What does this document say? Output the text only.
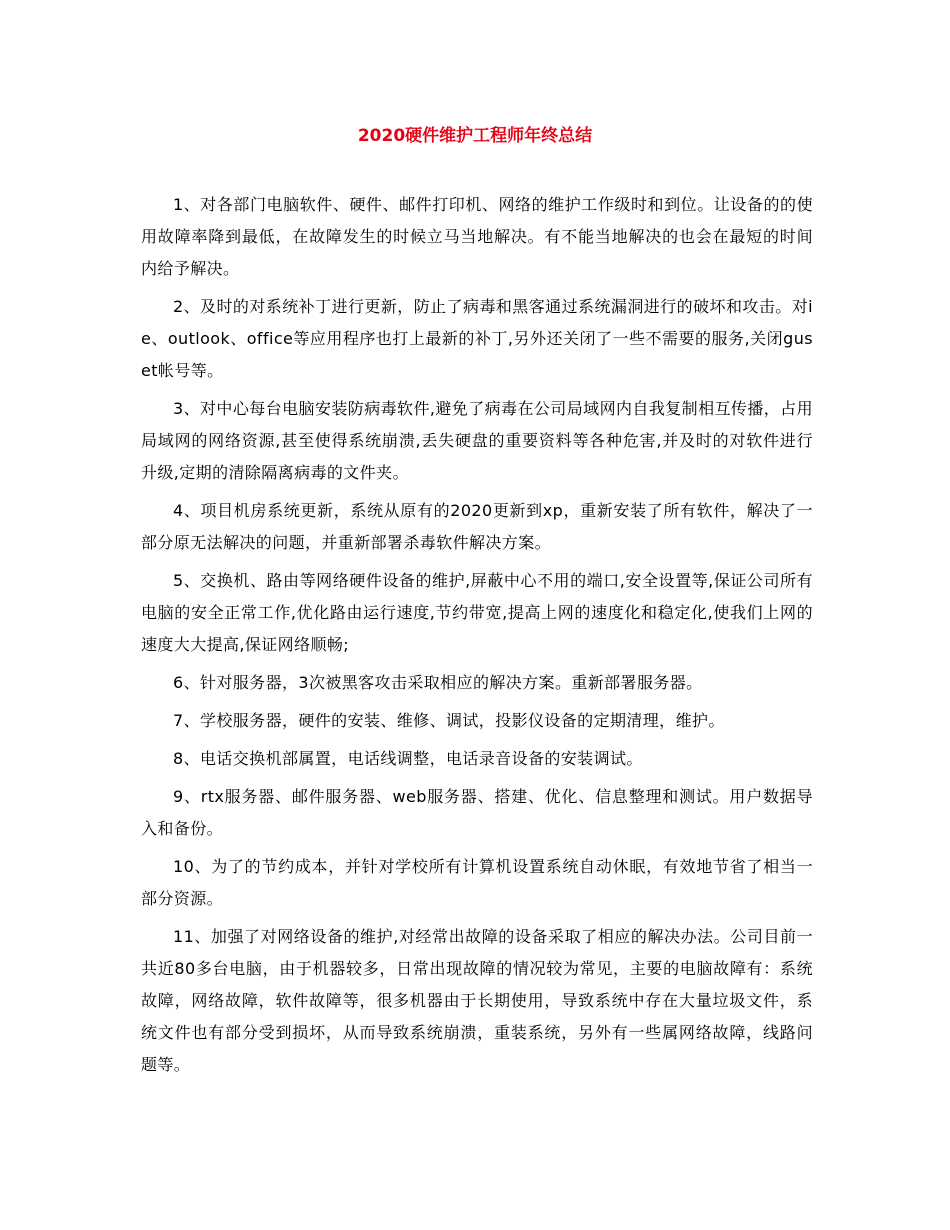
2020硬件维护工程师年终总结

1、对各部门电脑软件、硬件、邮件打印机、网络的维护工作级时和到位。让设备的的使用故障率降到最低，在故障发生的时候立马当地解决。有不能当地解决的也会在最短的时间内给予解决。

2、及时的对系统补丁进行更新，防止了病毒和黑客通过系统漏洞进行的破坏和攻击。对ie、outlook、office等应用程序也打上最新的补丁,另外还关闭了一些不需要的服务,关闭guset帐号等。

3、对中心每台电脑安装防病毒软件,避免了病毒在公司局域网内自我复制相互传播，占用局域网的网络资源,甚至使得系统崩溃,丢失硬盘的重要资料等各种危害,并及时的对软件进行升级,定期的清除隔离病毒的文件夹。

4、项目机房系统更新，系统从原有的2020更新到xp，重新安装了所有软件，解决了一部分原无法解决的问题，并重新部署杀毒软件解决方案。

5、交换机、路由等网络硬件设备的维护,屏蔽中心不用的端口,安全设置等,保证公司所有电脑的安全正常工作,优化路由运行速度,节约带宽,提高上网的速度化和稳定化,使我们上网的速度大大提高,保证网络顺畅;

6、针对服务器，3次被黑客攻击采取相应的解决方案。重新部署服务器。

7、学校服务器，硬件的安装、维修、调试，投影仪设备的定期清理，维护。

8、电话交换机部属置，电话线调整，电话录音设备的安装调试。

9、rtx服务器、邮件服务器、web服务器、搭建、优化、信息整理和测试。用户数据导入和备份。

10、为了的节约成本，并针对学校所有计算机设置系统自动休眠，有效地节省了相当一部分资源。

11、加强了对网络设备的维护,对经常出故障的设备采取了相应的解决办法。公司目前一共近80多台电脑，由于机器较多，日常出现故障的情况较为常见，主要的电脑故障有：系统故障，网络故障，软件故障等，很多机器由于长期使用，导致系统中存在大量垃圾文件，系统文件也有部分受到损坏，从而导致系统崩溃，重装系统，另外有一些属网络故障，线路问题等。
